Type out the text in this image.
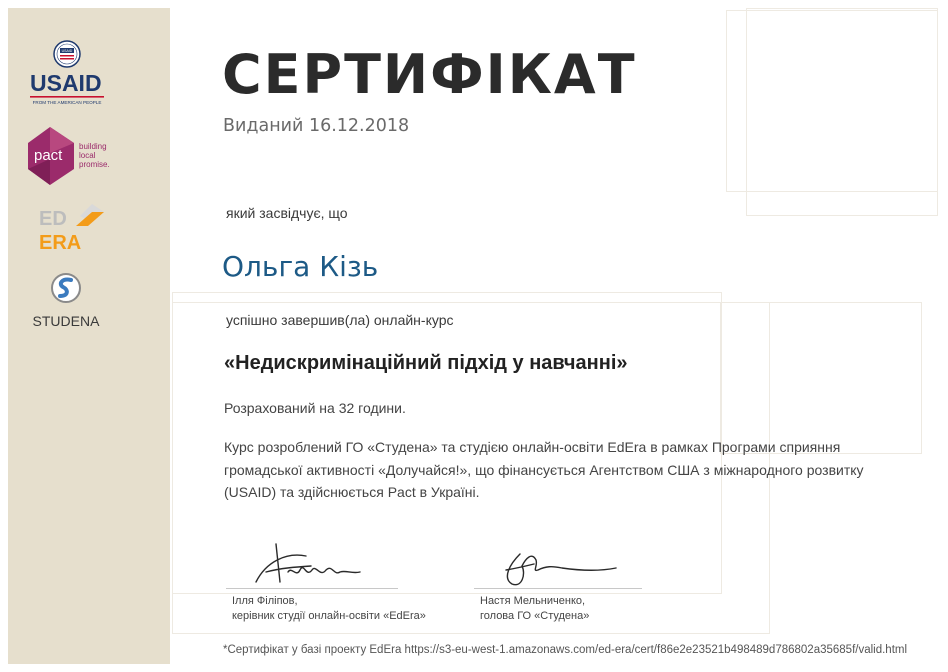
USAID
USAID
FROM THE AMERICAN PEOPLE
pact
building
local
promise.
ED
ERA
STUDENA
СЕРТИФІКАТ
Виданий 16.12.2018
який засвідчує, що
Ольга Кізь
успішно завершив(ла) онлайн-курс
«Недискримінаційний підхід у навчанні»
Розрахований на 32 години.
Курс розроблений ГО «Студена» та студією онлайн-освіти EdEra в рамках Програми сприяння громадської активності «Долучайся!», що фінансується Агентством США з міжнародного розвитку (USAID) та здійснюється Pact в Україні.
Ілля Філіпов,
керівник студії онлайн-освіти «EdEra»
Настя Мельниченко,
голова ГО «Студена»
*Сертифікат у базі проекту EdEra https://s3-eu-west-1.amazonaws.com/ed-era/cert/f86e2e23521b498489d786802a35685f/valid.html
